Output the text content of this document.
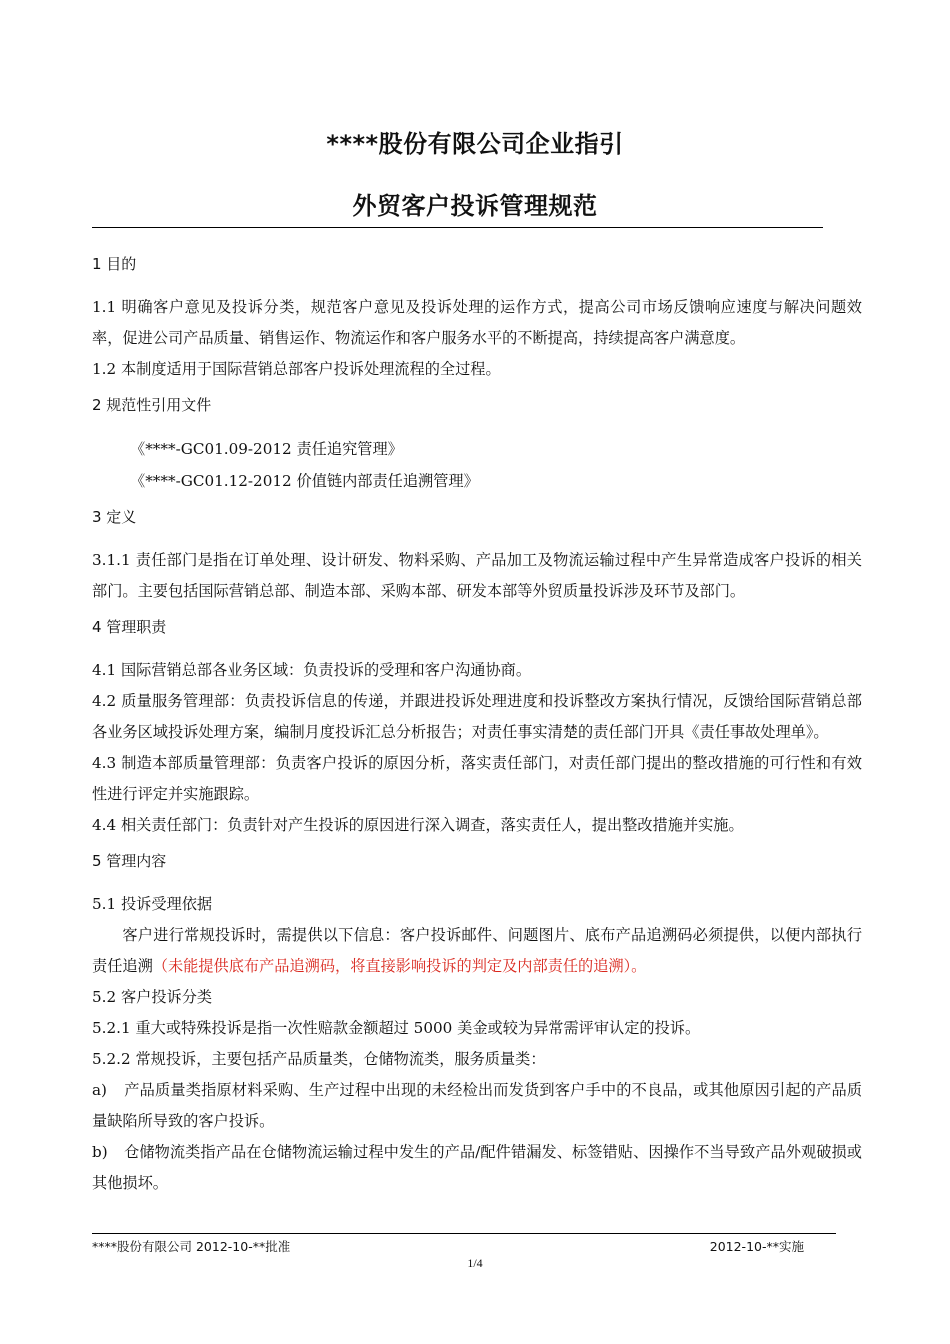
****股份有限公司企业指引
外贸客户投诉管理规范
1 目的

1.1 明确客户意见及投诉分类，规范客户意见及投诉处理的运作方式，提高公司市场反馈响应速度与解决问题效率，促进公司产品质量、销售运作、物流运作和客户服务水平的不断提高，持续提高客户满意度。

1.2 本制度适用于国际营销总部客户投诉处理流程的全过程。

2 规范性引用文件
《****-GC01.09-2012 责任追究管理》
《****-GC01.12-2012 价值链内部责任追溯管理》
3 定义

3.1.1 责任部门是指在订单处理、设计研发、物料采购、产品加工及物流运输过程中产生异常造成客户投诉的相关部门。主要包括国际营销总部、制造本部、采购本部、研发本部等外贸质量投诉涉及环节及部门。

4 管理职责

4.1 国际营销总部各业务区域：负责投诉的受理和客户沟通协商。

4.2 质量服务管理部：负责投诉信息的传递，并跟进投诉处理进度和投诉整改方案执行情况，反馈给国际营销总部各业务区域投诉处理方案，编制月度投诉汇总分析报告；对责任事实清楚的责任部门开具《责任事故处理单》。

4.3 制造本部质量管理部：负责客户投诉的原因分析，落实责任部门，对责任部门提出的整改措施的可行性和有效性进行评定并实施跟踪。

4.4 相关责任部门：负责针对产生投诉的原因进行深入调查，落实责任人，提出整改措施并实施。

5 管理内容

5.1 投诉受理依据

客户进行常规投诉时，需提供以下信息：客户投诉邮件、问题图片、底布产品追溯码必须提供，以便内部执行责任追溯（未能提供底布产品追溯码，将直接影响投诉的判定及内部责任的追溯）。

5.2 客户投诉分类

5.2.1 重大或特殊投诉是指一次性赔款金额超过 5000 美金或较为异常需评审认定的投诉。

5.2.2 常规投诉，主要包括产品质量类，仓储物流类，服务质量类：

a) 产品质量类指原材料采购、生产过程中出现的未经检出而发货到客户手中的不良品，或其他原因引起的产品质量缺陷所导致的客户投诉。

b) 仓储物流类指产品在仓储物流运输过程中发生的产品/配件错漏发、标签错贴、因操作不当导致产品外观破损或其他损坏。

****股份有限公司 2012-10-**批准	2012-10-**实施
1/4
